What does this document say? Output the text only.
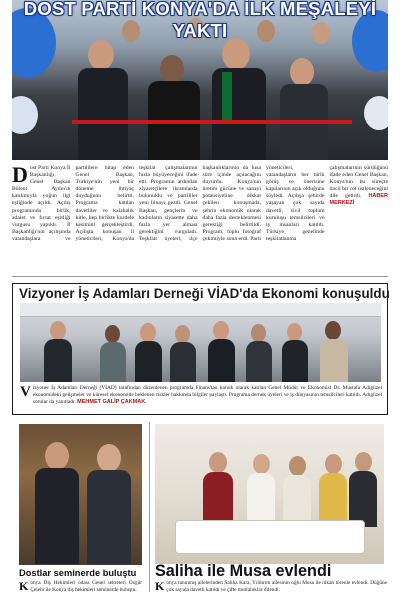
DOST PARTİ KONYA'DA İLK MEŞALEYİ YAKTI
Dost Parti Konya İl Başkanlığı, Genel Başkan Bülent Aydın'ın katılımıyla yoğun ilgi eşliğinde açıldı. Açılış programında birlik, adalet ve fırsat eşitliği vurgusu yapıldı. İl Başkanlığı'nın açılışında vatandaşlara ve partililere hitap eden Genel Başkan, Türkiye'nin yeni bir döneme ihtiyaç duyduğunu belirtti. Programa katılan davetliler ve kalabalık kitle, hep birlikte kurdele kesimini gerçekleştirdi. Açılışta konuşan il yöneticileri, Konya'da teşkilat çalışmalarının hızla büyüyeceğini ifade etti. Programın ardından ziyaretçilere ikramlarda bulunuldu ve partililer yeni binayı gezdi. Genel Başkan, gençlerin ve kadınların siyasette daha fazla yer alması gerektiğini vurguladı. Teşkilat üyeleri, ilçe başkanlıklarının da kısa süre içinde açılacağını duyurdu. Konya'nın üretim gücüne ve sanayi potansiyeline dikkat çekilen konuşmada, şehrin ekonomik olarak daha fazla desteklenmesi gerektiği belirtildi. Program, toplu fotoğraf çekimiyle sona erdi. Parti yöneticileri, vatandaşların her türlü görüş ve önerisine kapılarının açık olduğunu söyledi. Açılışa şehirde yaşayan çok sayıda davetli, sivil toplum kuruluşu temsilcileri ve iş insanları katıldı. Türkiye genelinde teşkilatlanma çalışmalarının sürdüğünü ifade eden Genel Başkan, Konya'nın bu süreçte öncü bir rol üstleneceğini dile getirdi. HABER MERKEZİ
Vizyoner İş Adamları Derneği VİAD'da Ekonomi konuşuldu
Vizyoner İş Adamları Derneği (VİAD) tarafından düzenlenen programda Finans'tan konuk olarak katılan Genel Müdür ve Ekonomist Dr. Mustafa Adıgüzel ekonomideki gelişmeler ve küresel ekonomide beklenen riskler hakkında bilgiler paylaştı. Programa dernek üyeleri ve iş dünyasının temsilcileri katıldı. Adıgüzel sorular da yanıtladı. MEHMET GALİP ÇAKMAK
Dostlar seminerde buluştu
Konya Diş Hekimleri odası Genel sekreteri Özgür Çelebi ile Konya diş hekimleri seminerde buluştu.
Saliha ile Musa evlendi
Konya tanınmış ailelerinden Saliha Kara, Yıldırım ailesinin oğlu Musa ile nikah törenle evlendi. Düğüne çok sayıda davetli katıldı ve çifte mutluluklar dilendi.
